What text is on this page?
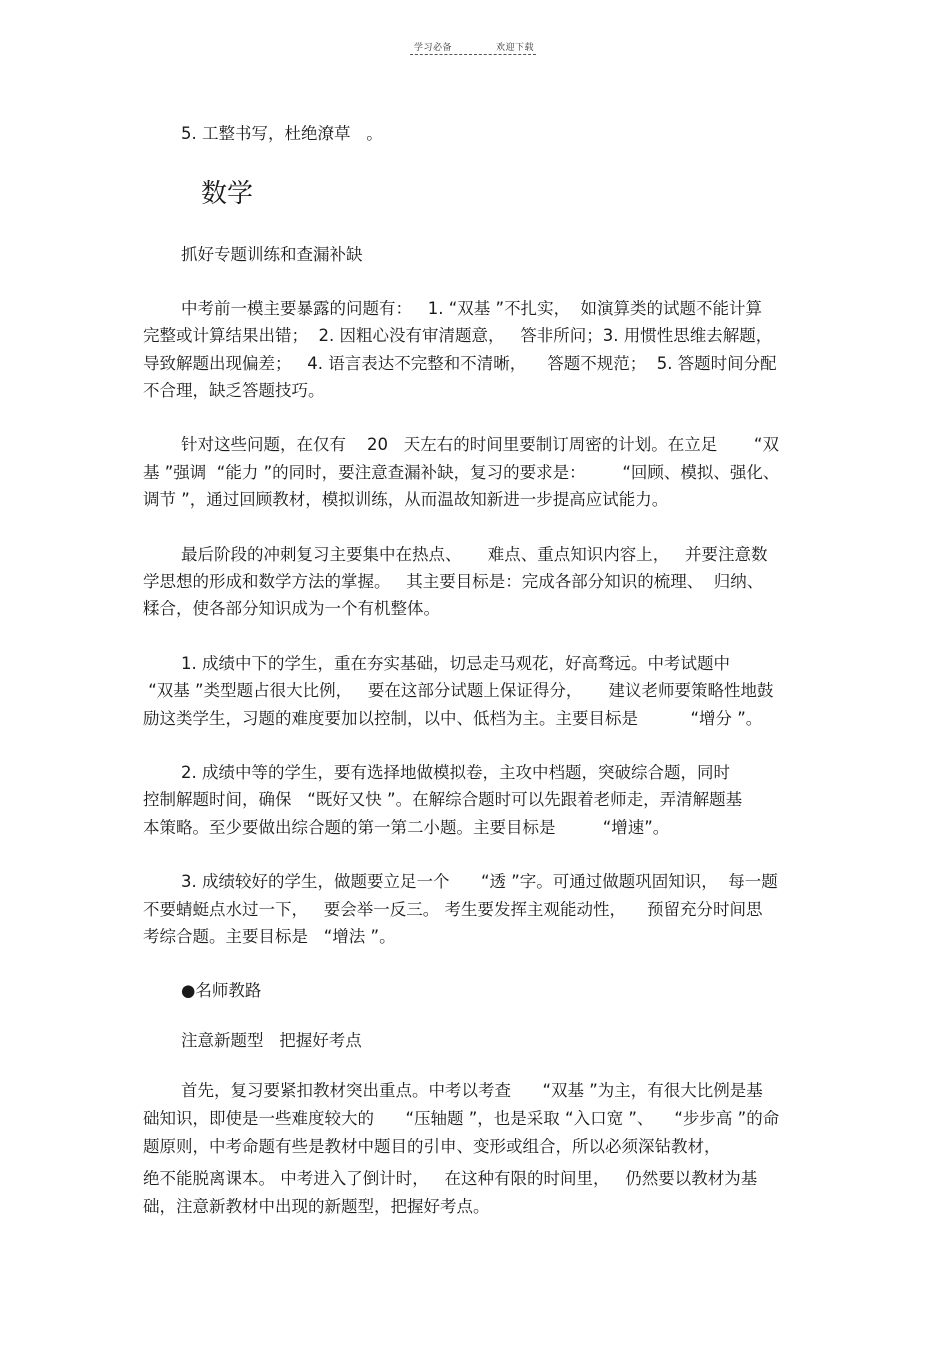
学习必备	欢迎下载
5. 工整书写，杜绝潦草   。
数学
抓好专题训练和查漏补缺
中考前一模主要暴露的问题有：   1. “双基 ”不扎实，  如演算类的试题不能计算
完整或计算结果出错；  2. 因粗心没有审清题意，   答非所问；3. 用惯性思维去解题，
导致解题出现偏差；   4. 语言表达不完整和不清晰，    答题不规范；  5. 答题时间分配
不合理，缺乏答题技巧。
针对这些问题，在仅有    20   天左右的时间里要制订周密的计划。在立足       “双
基 ”强调  “能力 ”的同时，要注意查漏补缺，复习的要求是：       “回顾、模拟、强化、
调节 ”，通过回顾教材，模拟训练，从而温故知新进一步提高应试能力。
最后阶段的冲刺复习主要集中在热点、     难点、重点知识内容上，   并要注意数
学思想的形成和数学方法的掌握。   其主要目标是：完成各部分知识的梳理、  归纳、
糅合，使各部分知识成为一个有机整体。
1. 成绩中下的学生，重在夯实基础，切忌走马观花，好高骛远。中考试题中
“双基 ”类型题占很大比例，   要在这部分试题上保证得分，     建议老师要策略性地鼓
励这类学生，习题的难度要加以控制，以中、低档为主。主要目标是          “增分 ”。
2. 成绩中等的学生，要有选择地做模拟卷，主攻中档题，突破综合题，同时
控制解题时间，确保   “既好又快 ”。在解综合题时可以先跟着老师走，弄清解题基
本策略。至少要做出综合题的第一第二小题。主要目标是         “增速”。
3. 成绩较好的学生，做题要立足一个      “透 ”字。可通过做题巩固知识，  每一题
不要蜻蜓点水过一下，   要会举一反三。 考生要发挥主观能动性，    预留充分时间思
考综合题。主要目标是   “增法 ”。
●名师教路
注意新题型   把握好考点
首先，复习要紧扣教材突出重点。中考以考查      “双基 ”为主，有很大比例是基
础知识，即使是一些难度较大的      “压轴题 ”，也是采取 “入口宽 ”、    “步步高 ”的命
题原则，中考命题有些是教材中题目的引申、变形或组合，所以必须深钻教材，
绝不能脱离课本。 中考进入了倒计时，   在这种有限的时间里，   仍然要以教材为基
础，注意新教材中出现的新题型，把握好考点。
